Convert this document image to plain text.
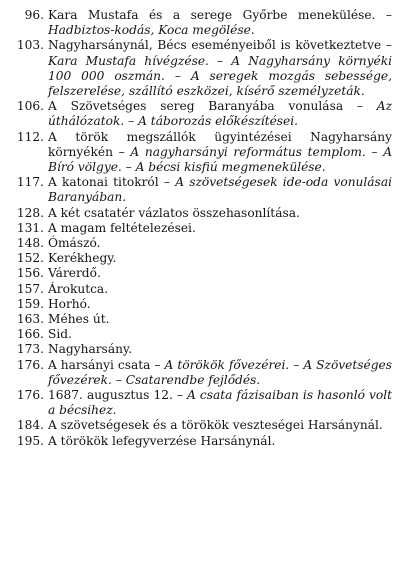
96. Kara Mustafa és a serege Győrbe menekülése. – Hadbiztos-kodás, Koca megölése.
103. Nagyharsánynál, Bécs eseményeiből is következtetve – Kara Mustafa hívégzése. – A Nagyharsány környéki 100 000 oszmán. – A seregek mozgás sebessége, felszerelése, szállító eszközei, kísérő személyzeták.
106. A Szövetséges sereg Baranyába vonulása – Az úthálózatok. – A táborozás előkészítései.
112. A török megszállók ügyintézései Nagyharsány környékén – A nagyharsányi református templom. – A Bíró völgye. – A bécsi kisfiú megmenekülése.
117. A katonai titokról – A szövetségesek ide-oda vonulásai Baranyában.
128. A két csatatér vázlatos összehasonlítása.
131. A magam feltételezései.
148. Ómászó.
152. Kerékhegy.
156. Várerdő.
157. Árokutca.
159. Horhó.
163. Méhes út.
166. Sid.
173. Nagyharsány.
176. A harsányi csata – A törökök fővezérei. – A Szövetséges fővezérek. – Csatarendbe fejlődés.
176. 1687. augusztus 12. – A csata fázisaiban is hasonló volt a bécsihez.
184. A szövetségesek és a törökök veszteségei Harsánynál.
195. A törökök lefegyverzése Harsánynál.
